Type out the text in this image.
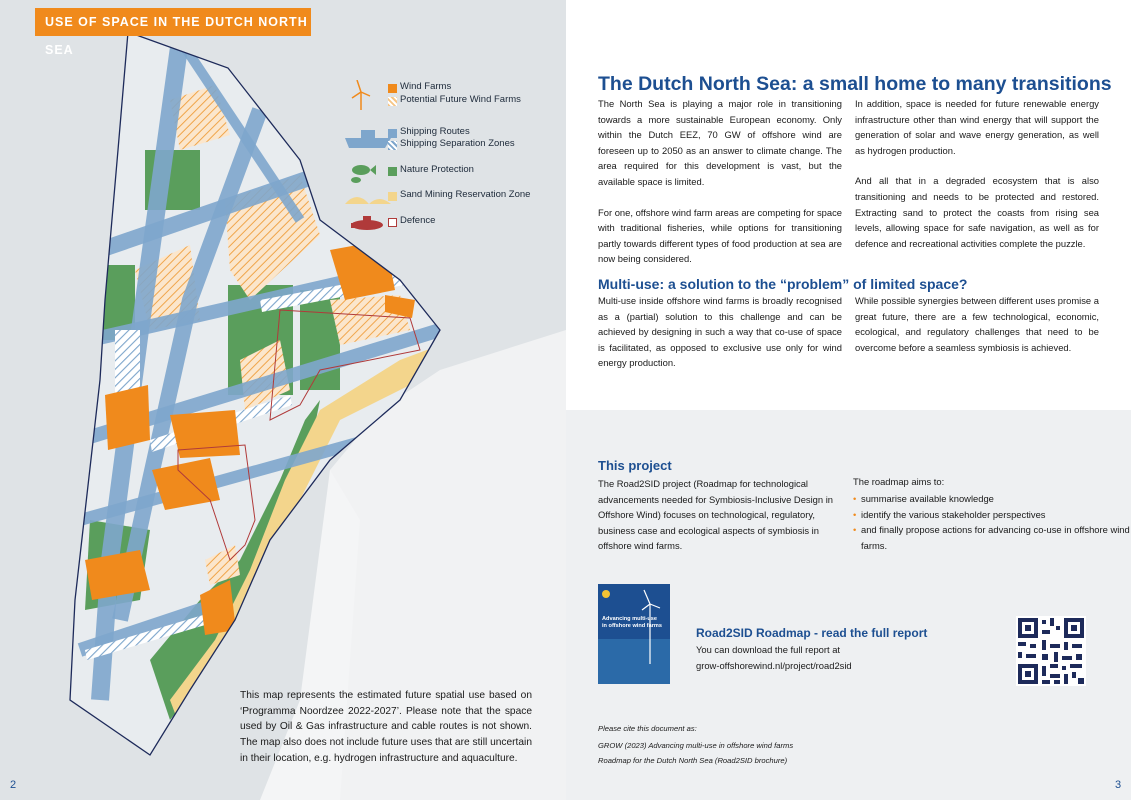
USE OF SPACE IN THE DUTCH NORTH SEA
Wind Farms
Potential Future Wind Farms
Shipping Routes
Shipping Separation Zones
Nature Protection
Sand Mining Reservation Zone
Defence
This map represents the estimated future spatial use based on ‘Programma Noordzee 2022-2027’. Please note that the space used by Oil & Gas infrastructure and cable routes is not shown. The map also does not include future uses that are still uncertain in their location, e.g. hydrogen infrastructure and aquaculture.
2
The Dutch North Sea: a small home to many transitions
The North Sea is playing a major role in transitioning towards a more sustainable European economy. Only within the Dutch EEZ, 70 GW of offshore wind are foreseen up to 2050 as an answer to climate change. The area required for this development is vast, but the available space is limited.
For one, offshore wind farm areas are competing for space with traditional fisheries, while options for transitioning partly towards different types of food production at sea are now being considered.
In addition, space is needed for future renewable energy infrastructure other than wind energy that will support the generation of solar and wave energy generation, as well as hydrogen production.
And all that in a degraded ecosystem that is also transitioning and needs to be protected and restored. Extracting sand to protect the coasts from rising sea levels, allowing space for safe navigation, as well as for defence and recreational activities complete the puzzle.
Multi-use: a solution to the “problem” of limited space?
Multi-use inside offshore wind farms is broadly recognised as a (partial) solution to this challenge and can be achieved by designing in such a way that co-use of space is facilitated, as opposed to exclusive use only for wind energy production.
While possible synergies between different uses promise a great future, there are a few technological, economic, ecological, and regulatory challenges that need to be overcome before a seamless symbiosis is achieved.
This project
The Road2SID project (Roadmap for technological advancements needed for Symbiosis-Inclusive Design in Offshore Wind) focuses on technological, regulatory, business case and ecological aspects of symbiosis in offshore wind farms.
The roadmap aims to:
• summarise available knowledge
• identify the various stakeholder perspectives
• and finally propose actions for advancing co-use in offshore wind farms.
Advancing multi-use in offshore wind farms
Road2SID Roadmap - read the full report
You can download the full report at
grow-offshorewind.nl/project/road2sid
Please cite this document as:
GROW (2023) Advancing multi-use in offshore wind farms
Roadmap for the Dutch North Sea (Road2SID brochure)
3
